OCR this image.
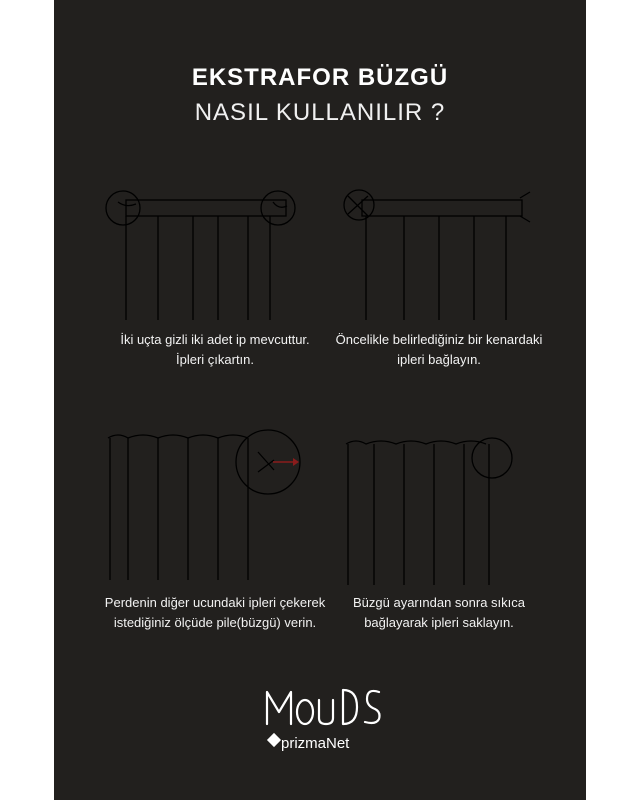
EKSTRAFOR BÜZGÜ
NASIL KULLANILIR ?
İki uçta gizli iki adet ip mevcuttur.
İpleri çıkartın.
Öncelikle belirlediğiniz bir kenardaki
ipleri bağlayın.
Perdenin diğer ucundaki ipleri çekerek
istediğiniz ölçüde pile(büzgü) verin.
Büzgü ayarından sonra sıkıca
bağlayarak ipleri saklayın.
prizmaNet
